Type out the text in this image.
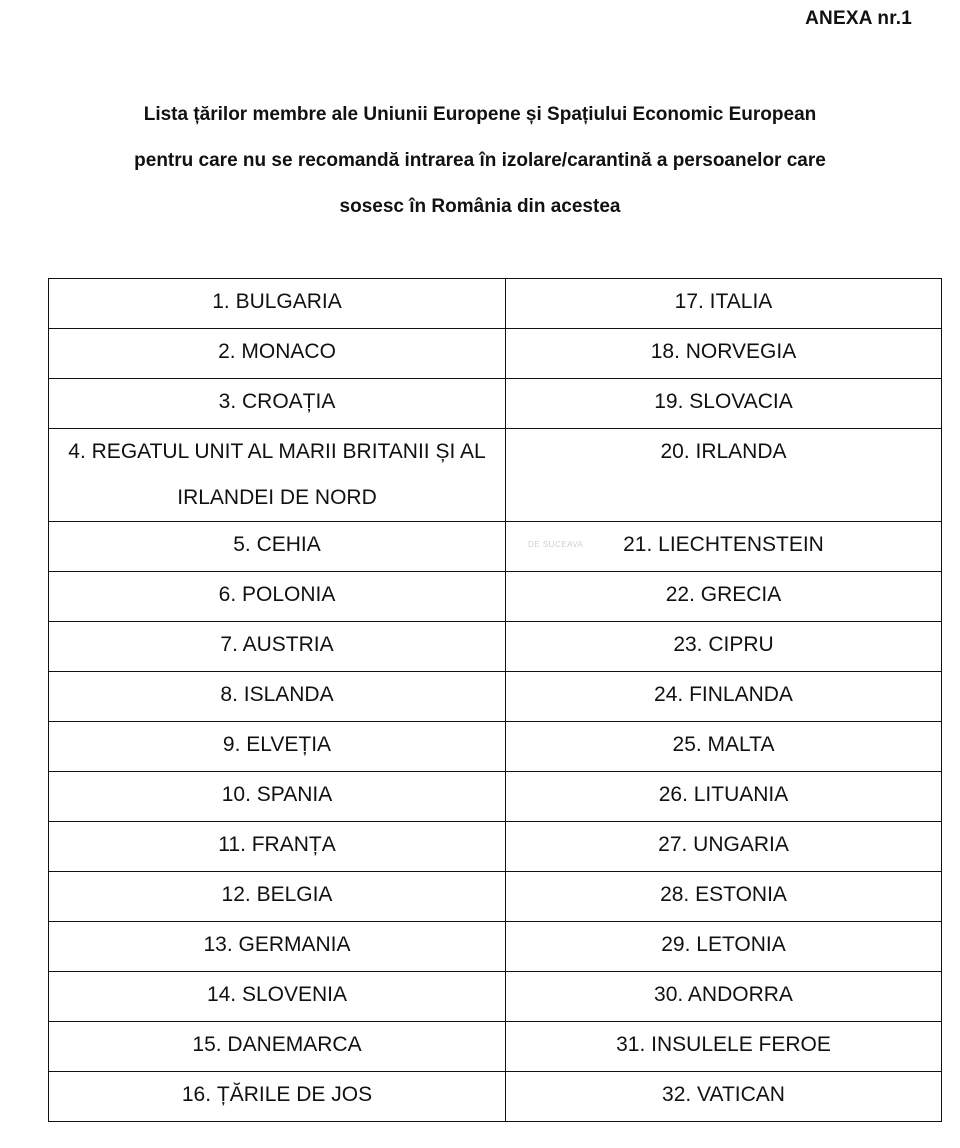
ANEXA nr.1
Lista țărilor membre ale Uniunii Europene și Spațiului Economic European
pentru care nu se recomandă intrarea în izolare/carantină a persoanelor care
sosesc în România din acestea
1. BULGARIA	17. ITALIA
2. MONACO	18. NORVEGIA
3. CROAȚIA	19. SLOVACIA
4. REGATUL UNIT AL MARII BRITANII ȘI AL IRLANDEI DE NORD	20. IRLANDA
5. CEHIA	21. LIECHTENSTEIN
6. POLONIA	22. GRECIA
7. AUSTRIA	23. CIPRU
8. ISLANDA	24. FINLANDA
9. ELVEȚIA	25. MALTA
10. SPANIA	26. LITUANIA
11. FRANȚA	27. UNGARIA
12. BELGIA	28. ESTONIA
13. GERMANIA	29. LETONIA
14. SLOVENIA	30. ANDORRA
15. DANEMARCA	31. INSULELE FEROE
16. ȚĂRILE DE JOS	32. VATICAN
DE SUCEAVA
